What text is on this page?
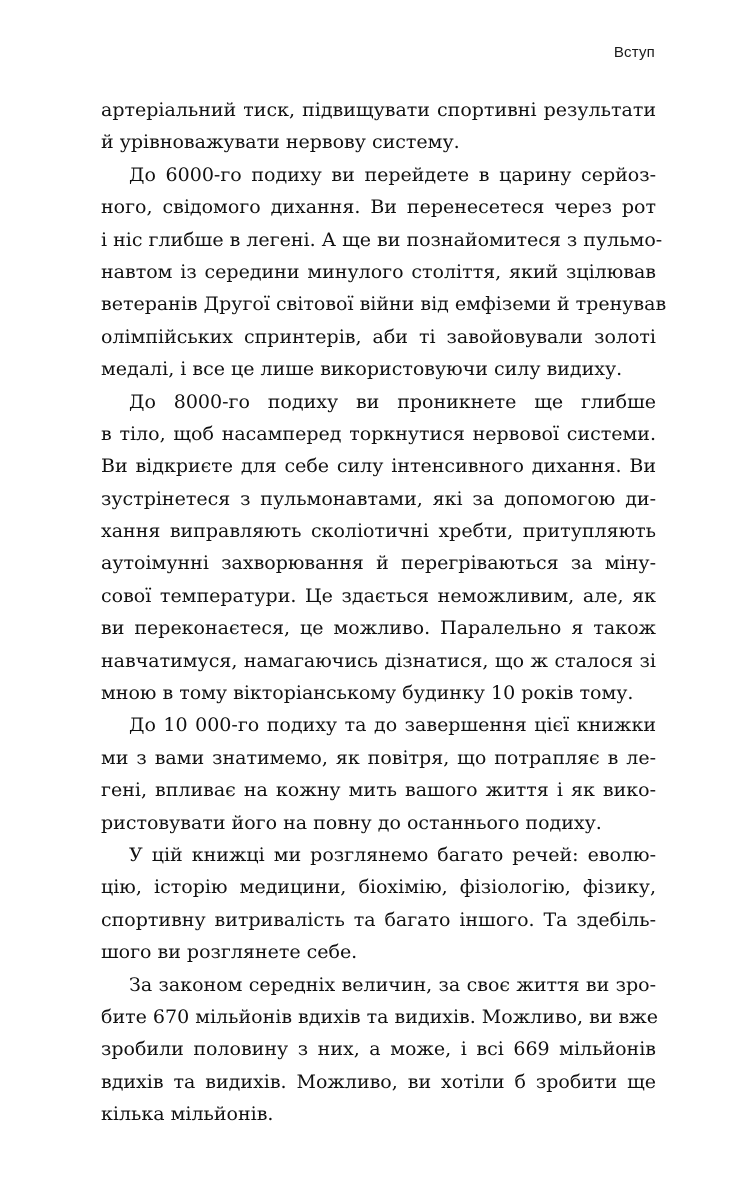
Вступ
артеріальний тиск, підвищувати спортивні результати
й урівноважувати нервову систему.
До 6000-го подиху ви перейдете в царину серйоз-
ного, свідомого дихання. Ви перенесетеся через рот
і ніс глибше в легені. А ще ви познайомитеся з пульмо-
навтом із середини минулого століття, який зцілював
ветеранів Другої світової війни від емфіземи й тренував
олімпійських спринтерів, аби ті завойовували золоті
медалі, і все це лише використовуючи силу видиху.
До 8000-го подиху ви проникнете ще глибше
в тіло, щоб насамперед торкнутися нервової системи.
Ви відкриєте для себе силу інтенсивного дихання. Ви
зустрінетеся з пульмонавтами, які за допомогою ди-
хання виправляють сколіотичні хребти, притупляють
аутоімунні захворювання й перегріваються за міну-
сової температури. Це здається неможливим, але, як
ви переконаєтеся, це можливо. Паралельно я також
навчатимуся, намагаючись дізнатися, що ж сталося зі
мною в тому вікторіанському будинку 10 років тому.
До 10 000-го подиху та до завершення цієї книжки
ми з вами знатимемо, як повітря, що потрапляє в ле-
гені, впливає на кожну мить вашого життя і як вико-
ристовувати його на повну до останнього подиху.
У цій книжці ми розглянемо багато речей: еволю-
цію, історію медицини, біохімію, фізіологію, фізику,
спортивну витривалість та багато іншого. Та здебіль-
шого ви розглянете себе.
За законом середніх величин, за своє життя ви зро-
бите 670 мільйонів вдихів та видихів. Можливо, ви вже
зробили половину з них, а може, і всі 669 мільйонів
вдихів та видихів. Можливо, ви хотіли б зробити ще
кілька мільйонів.
